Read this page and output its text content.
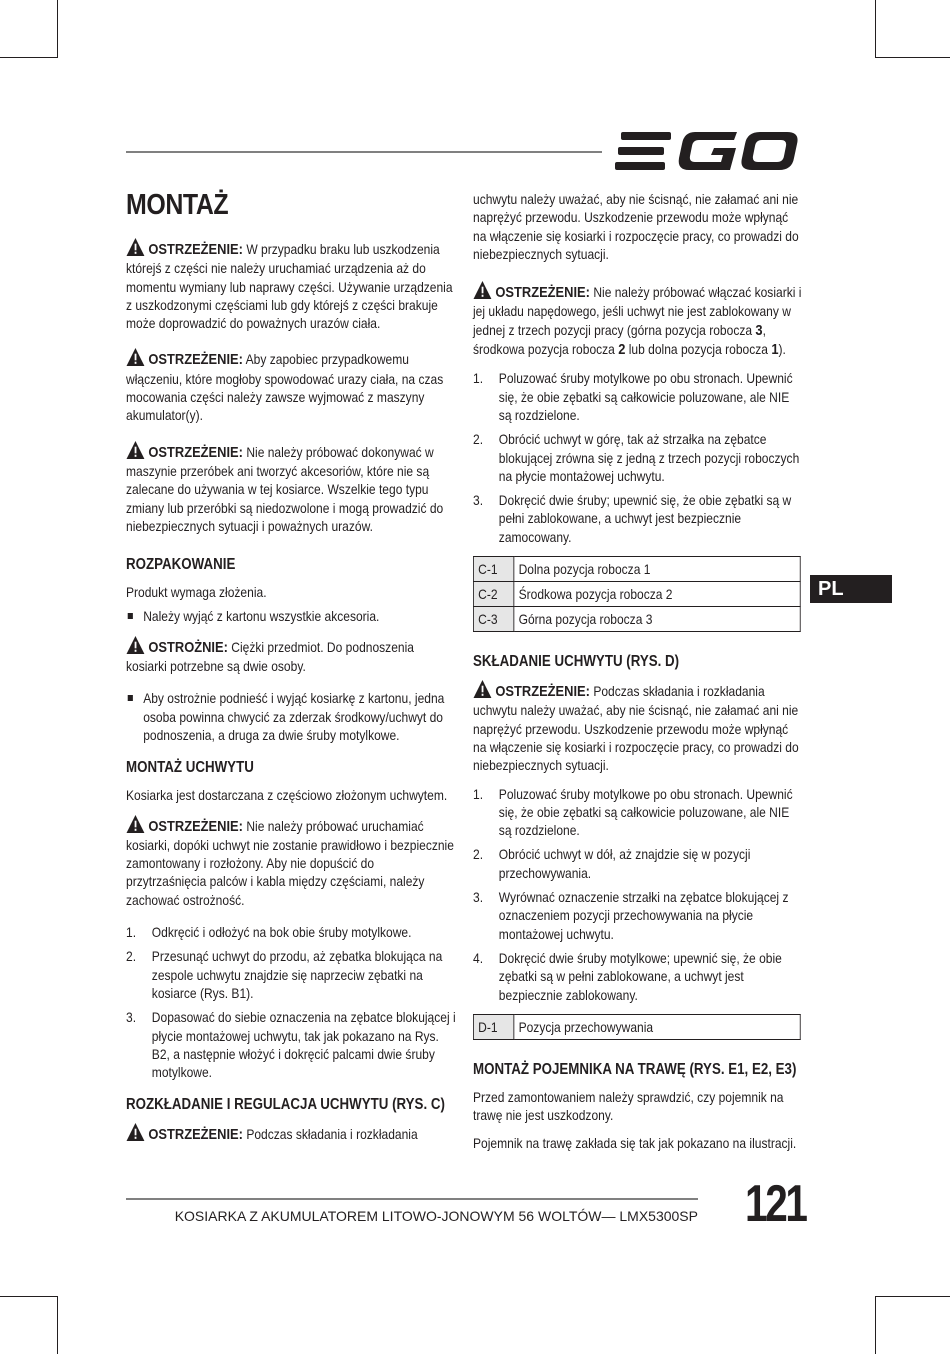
MONTAŻ

OSTRZEŻENIE: W przypadku braku lub uszkodzenia którejś z części nie należy uruchamiać urządzenia aż do momentu wymiany lub naprawy części. Używanie urządzenia z uszkodzonymi częściami lub gdy którejś z części brakuje może doprowadzić do poważnych urazów ciała.

OSTRZEŻENIE: Aby zapobiec przypadkowemu włączeniu, które mogłoby spowodować urazy ciała, na czas mocowania części należy zawsze wyjmować z maszyny akumulator(y).

OSTRZEŻENIE: Nie należy próbować dokonywać w maszynie przeróbek ani tworzyć akcesoriów, które nie są zalecane do używania w tej kosiarce. Wszelkie tego typu zmiany lub przeróbki są niedozwolone i mogą prowadzić do niebezpiecznych sytuacji i poważnych urazów.

ROZPAKOWANIE

Produkt wymaga złożenia.

Należy wyjąć z kartonu wszystkie akcesoria.

OSTROŻNIE: Ciężki przedmiot. Do podnoszenia kosiarki potrzebne są dwie osoby.

Aby ostrożnie podnieść i wyjąć kosiarkę z kartonu, jedna osoba powinna chwycić za zderzak środkowy/uchwyt do podnoszenia, a druga za dwie śruby motylkowe.
MONTAŻ UCHWYTU

Kosiarka jest dostarczana z częściowo złożonym uchwytem.

OSTRZEŻENIE: Nie należy próbować uruchamiać kosiarki, dopóki uchwyt nie zostanie prawidłowo i bezpiecznie zamontowany i rozłożony. Aby nie dopuścić do przytrzaśnięcia palców i kabla między częściami, należy zachować ostrożność.

1. Odkręcić i odłożyć na bok obie śruby motylkowe.
2. Przesunąć uchwyt do przodu, aż zębatka blokująca na zespole uchwytu znajdzie się naprzeciw zębatki na kosiarce (Rys. B1).
3. Dopasować do siebie oznaczenia na zębatce blokującej i płycie montażowej uchwytu, tak jak pokazano na Rys. B2, a następnie włożyć i dokręcić palcami dwie śruby motylkowe.
ROZKŁADANIE I REGULACJA UCHWYTU (RYS. C)

OSTRZEŻENIE: Podczas składania i rozkładania

uchwytu należy uważać, aby nie ścisnąć, nie załamać ani nie naprężyć przewodu. Uszkodzenie przewodu może wpłynąć na włączenie się kosiarki i rozpoczęcie pracy, co prowadzi do niebezpiecznych sytuacji.

OSTRZEŻENIE: Nie należy próbować włączać kosiarki i jej układu napędowego, jeśli uchwyt nie jest zablokowany w jednej z trzech pozycji pracy (górna pozycja robocza 3, środkowa pozycja robocza 2 lub dolna pozycja robocza 1).

1. Poluzować śruby motylkowe po obu stronach. Upewnić się, że obie zębatki są całkowicie poluzowane, ale NIE są rozdzielone.
2. Obrócić uchwyt w górę, tak aż strzałka na zębatce blokującej zrówna się z jedną z trzech pozycji roboczych na płycie montażowej uchwytu.
3. Dokręcić dwie śruby; upewnić się, że obie zębatki są w pełni zablokowane, a uchwyt jest bezpiecznie zamocowany.
C-1	Dolna pozycja robocza 1
C-2	Środkowa pozycja robocza 2
C-3	Górna pozycja robocza 3
SKŁADANIE UCHWYTU (RYS. D)

OSTRZEŻENIE: Podczas składania i rozkładania uchwytu należy uważać, aby nie ścisnąć, nie załamać ani nie naprężyć przewodu. Uszkodzenie przewodu może wpłynąć na włączenie się kosiarki i rozpoczęcie pracy, co prowadzi do niebezpiecznych sytuacji.

1. Poluzować śruby motylkowe po obu stronach. Upewnić się, że obie zębatki są całkowicie poluzowane, ale NIE są rozdzielone.
2. Obrócić uchwyt w dół, aż znajdzie się w pozycji przechowywania.
3. Wyrównać oznaczenie strzałki na zębatce blokującej z oznaczeniem pozycji przechowywania na płycie montażowej uchwytu.
4. Dokręcić dwie śruby motylkowe; upewnić się, że obie zębatki są w pełni zablokowane, a uchwyt jest bezpiecznie zablokowany.
D-1	Pozycja przechowywania
MONTAŻ POJEMNIKA NA TRAWĘ (RYS. E1, E2, E3)

Przed zamontowaniem należy sprawdzić, czy pojemnik na trawę nie jest uszkodzony.

Pojemnik na trawę zakłada się tak jak pokazano na ilustracji.

PL
KOSIARKA Z AKUMULATOREM LITOWO-JONOWYM 56 WOLTÓW— LMX5300SP 121
